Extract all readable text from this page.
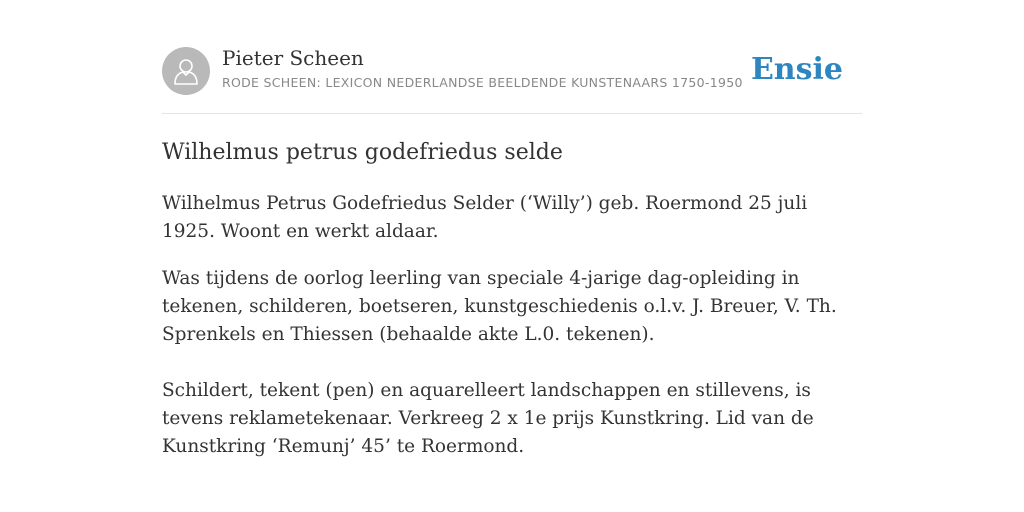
Pieter Scheen
RODE SCHEEN: LEXICON NEDERLANDSE BEELDENDE KUNSTENAARS 1750-1950 Ensie
Wilhelmus petrus godefriedus selde

Wilhelmus Petrus Godefriedus Selder (‘Willy’) geb. Roermond 25 juli 1925. Woont en werkt aldaar.

Was tijdens de oorlog leerling van speciale 4-jarige dag-opleiding in tekenen, schilderen, boetseren, kunstgeschiedenis o.l.v. J. Breuer, V. Th. Sprenkels en Thiessen (behaalde akte L.0. tekenen).

Schildert, tekent (pen) en aquarelleert landschappen en stillevens, is tevens reklametekenaar. Verkreeg 2 x 1e prijs Kunstkring. Lid van de Kunstkring ‘Remunj’ 45’ te Roermond.
